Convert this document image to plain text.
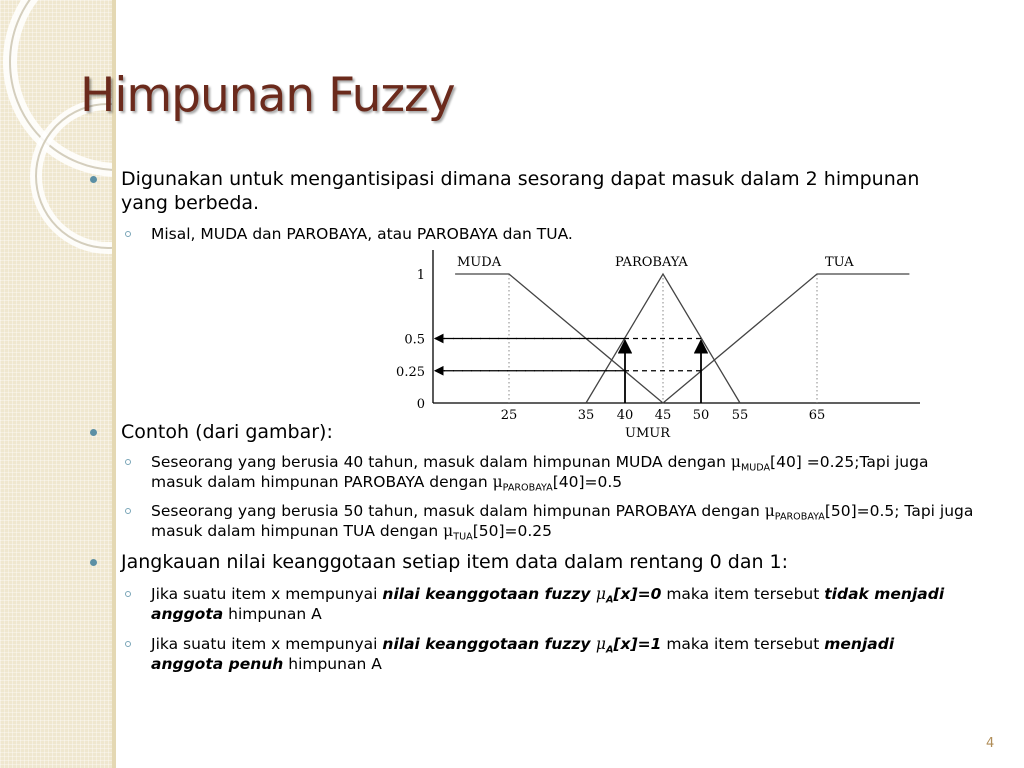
Himpunan Fuzzy
Digunakan untuk mengantisipasi dimana sesorang dapat masuk dalam 2 himpunan yang berbeda.
Misal, MUDA dan PAROBAYA, atau PAROBAYA dan TUA.
1
0.5
0.25
0
25	35 40 45 50 55	65
MUDA	PAROBAYA	TUA
UMUR
Contoh (dari gambar):
Seseorang yang berusia 40 tahun, masuk dalam himpunan MUDA dengan $\mu_{MUDA}[40]$ =0.25;Tapi juga masuk dalam himpunan PAROBAYA dengan $\mu_{PAROBAYA}[40]=0.5$
Seseorang yang berusia 50 tahun, masuk dalam himpunan PAROBAYA dengan $\mu_{PAROBAYA}[50]=0.5$; Tapi juga masuk dalam himpunan TUA dengan $\mu_{TUA}[50]=0.25$
Jangkauan nilai keanggotaan setiap item data dalam rentang 0 dan 1:
Jika suatu item x mempunyai nilai keanggotaan fuzzy $\mu_A[x]=0$ maka item tersebut tidak menjadi anggota himpunan A
Jika suatu item x mempunyai nilai keanggotaan fuzzy $\mu_A[x]=1$ maka item tersebut menjadi anggota penuh himpunan A
4
